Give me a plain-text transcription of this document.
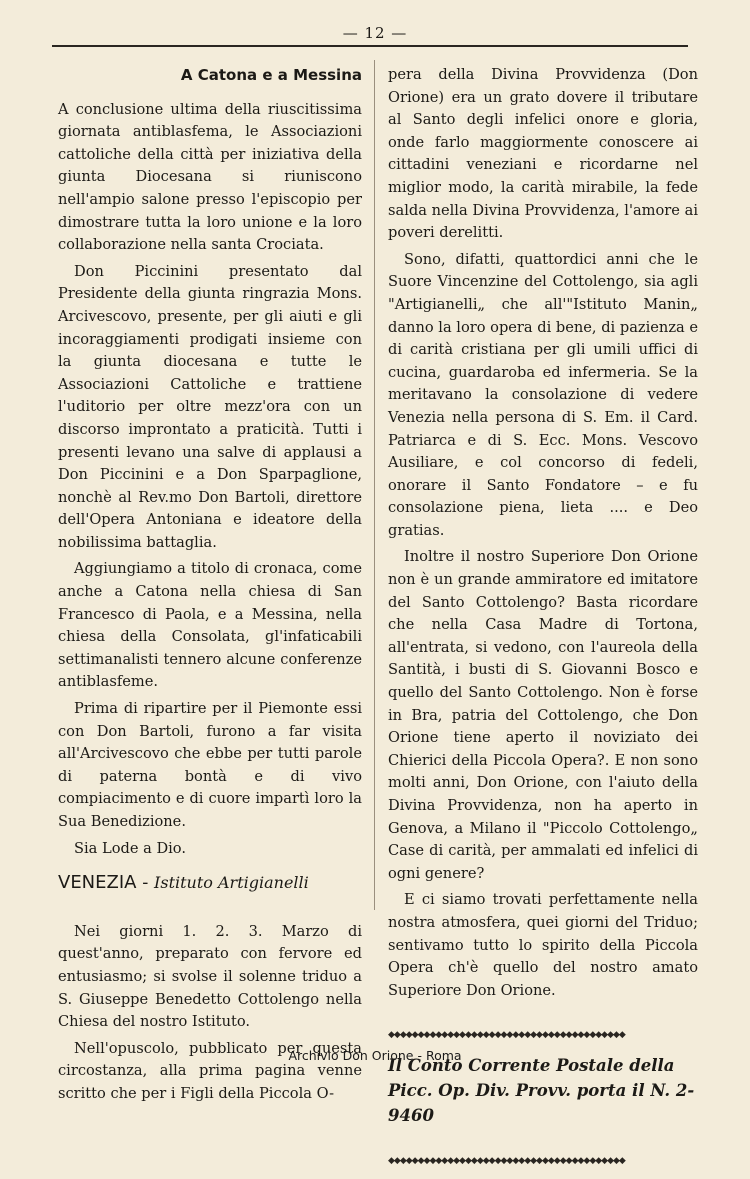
— 12 —
A Catona e a Messina

A conclusione ultima della riuscitissima giornata antiblasfema, le Associazioni cattoliche della città per iniziativa della giunta Diocesana si riuniscono nell'ampio salone presso l'episcopio per dimostrare tutta la loro unione e la loro collaborazione nella santa Crociata.

Don Piccinini presentato dal Presidente della giunta ringrazia Mons. Arcivescovo, presente, per gli aiuti e gli incoraggiamenti prodigati insieme con la giunta diocesana e tutte le Associazioni Cattoliche e trattiene l'uditorio per oltre mezz'ora con un discorso improntato a praticità. Tutti i presenti levano una salve di applausi a Don Piccinini e a Don Sparpaglione, nonchè al Rev.mo Don Bartoli, direttore dell'Opera Antoniana e ideatore della nobilissima battaglia.

Aggiungiamo a titolo di cronaca, come anche a Catona nella chiesa di San Francesco di Paola, e a Messina, nella chiesa della Consolata, gl'infaticabili settimanalisti tennero alcune conferenze antiblasfeme.

Prima di ripartire per il Piemonte essi con Don Bartoli, furono a far visita all'Arcivescovo che ebbe per tutti parole di paterna bontà e di vivo compiacimento e di cuore impartì loro la Sua Benedizione.

Sia Lode a Dio.

VENEZIA - Istituto Artigianelli

Nei giorni 1. 2. 3. Marzo di quest'anno, preparato con fervore ed entusiasmo; si svolse il solenne triduo a S. Giuseppe Benedetto Cottolengo nella Chiesa del nostro Istituto.

Nell'opuscolo, pubblicato per questa circostanza, alla prima pagina venne scritto che per i Figli della Piccola O-

pera della Divina Provvidenza (Don Orione) era un grato dovere il tributare al Santo degli infelici onore e gloria, onde farlo maggiormente conoscere ai cittadini veneziani e ricordarne nel miglior modo, la carità mirabile, la fede salda nella Divina Provvidenza, l'amore ai poveri derelitti.

Sono, difatti, quattordici anni che le Suore Vincenzine del Cottolengo, sia agli "Artigianelli„ che all'"Istituto Manin„ danno la loro opera di bene, di pazienza e di carità cristiana per gli umili uffici di cucina, guardaroba ed infermeria. Se la meritavano la consolazione di vedere Venezia nella persona di S. Em. il Card. Patriarca e di S. Ecc. Mons. Vescovo Ausiliare, e col concorso di fedeli, onorare il Santo Fondatore – e fu consolazione piena, lieta .... e Deo gratias.

Inoltre il nostro Superiore Don Orione non è un grande ammiratore ed imitatore del Santo Cottolengo? Basta ricordare che nella Casa Madre di Tortona, all'entrata, si vedono, con l'aureola della Santità, i busti di S. Giovanni Bosco e quello del Santo Cottolengo. Non è forse in Bra, patria del Cottolengo, che Don Orione tiene aperto il noviziato dei Chierici della Piccola Opera?. E non sono molti anni, Don Orione, con l'aiuto della Divina Provvidenza, non ha aperto in Genova, a Milano il "Piccolo Cottolengo„ Case di carità, per ammalati ed infelici di ogni genere?

E ci siamo trovati perfettamente nella nostra atmosfera, quei giorni del Triduo; sentivamo tutto lo spirito della Piccola Opera ch'è quello del nostro amato Superiore Don Orione.

◆◆◆◆◆◆◆◆◆◆◆◆◆◆◆◆◆◆◆◆◆◆◆◆◆◆◆◆◆◆◆◆◆◆◆◆◆◆◆◆
Il Conto Corrente Postale della Picc. Op. Div. Provv. porta il N. 2-9460
◆◆◆◆◆◆◆◆◆◆◆◆◆◆◆◆◆◆◆◆◆◆◆◆◆◆◆◆◆◆◆◆◆◆◆◆◆◆◆◆
Archivio Don Orione - Roma
